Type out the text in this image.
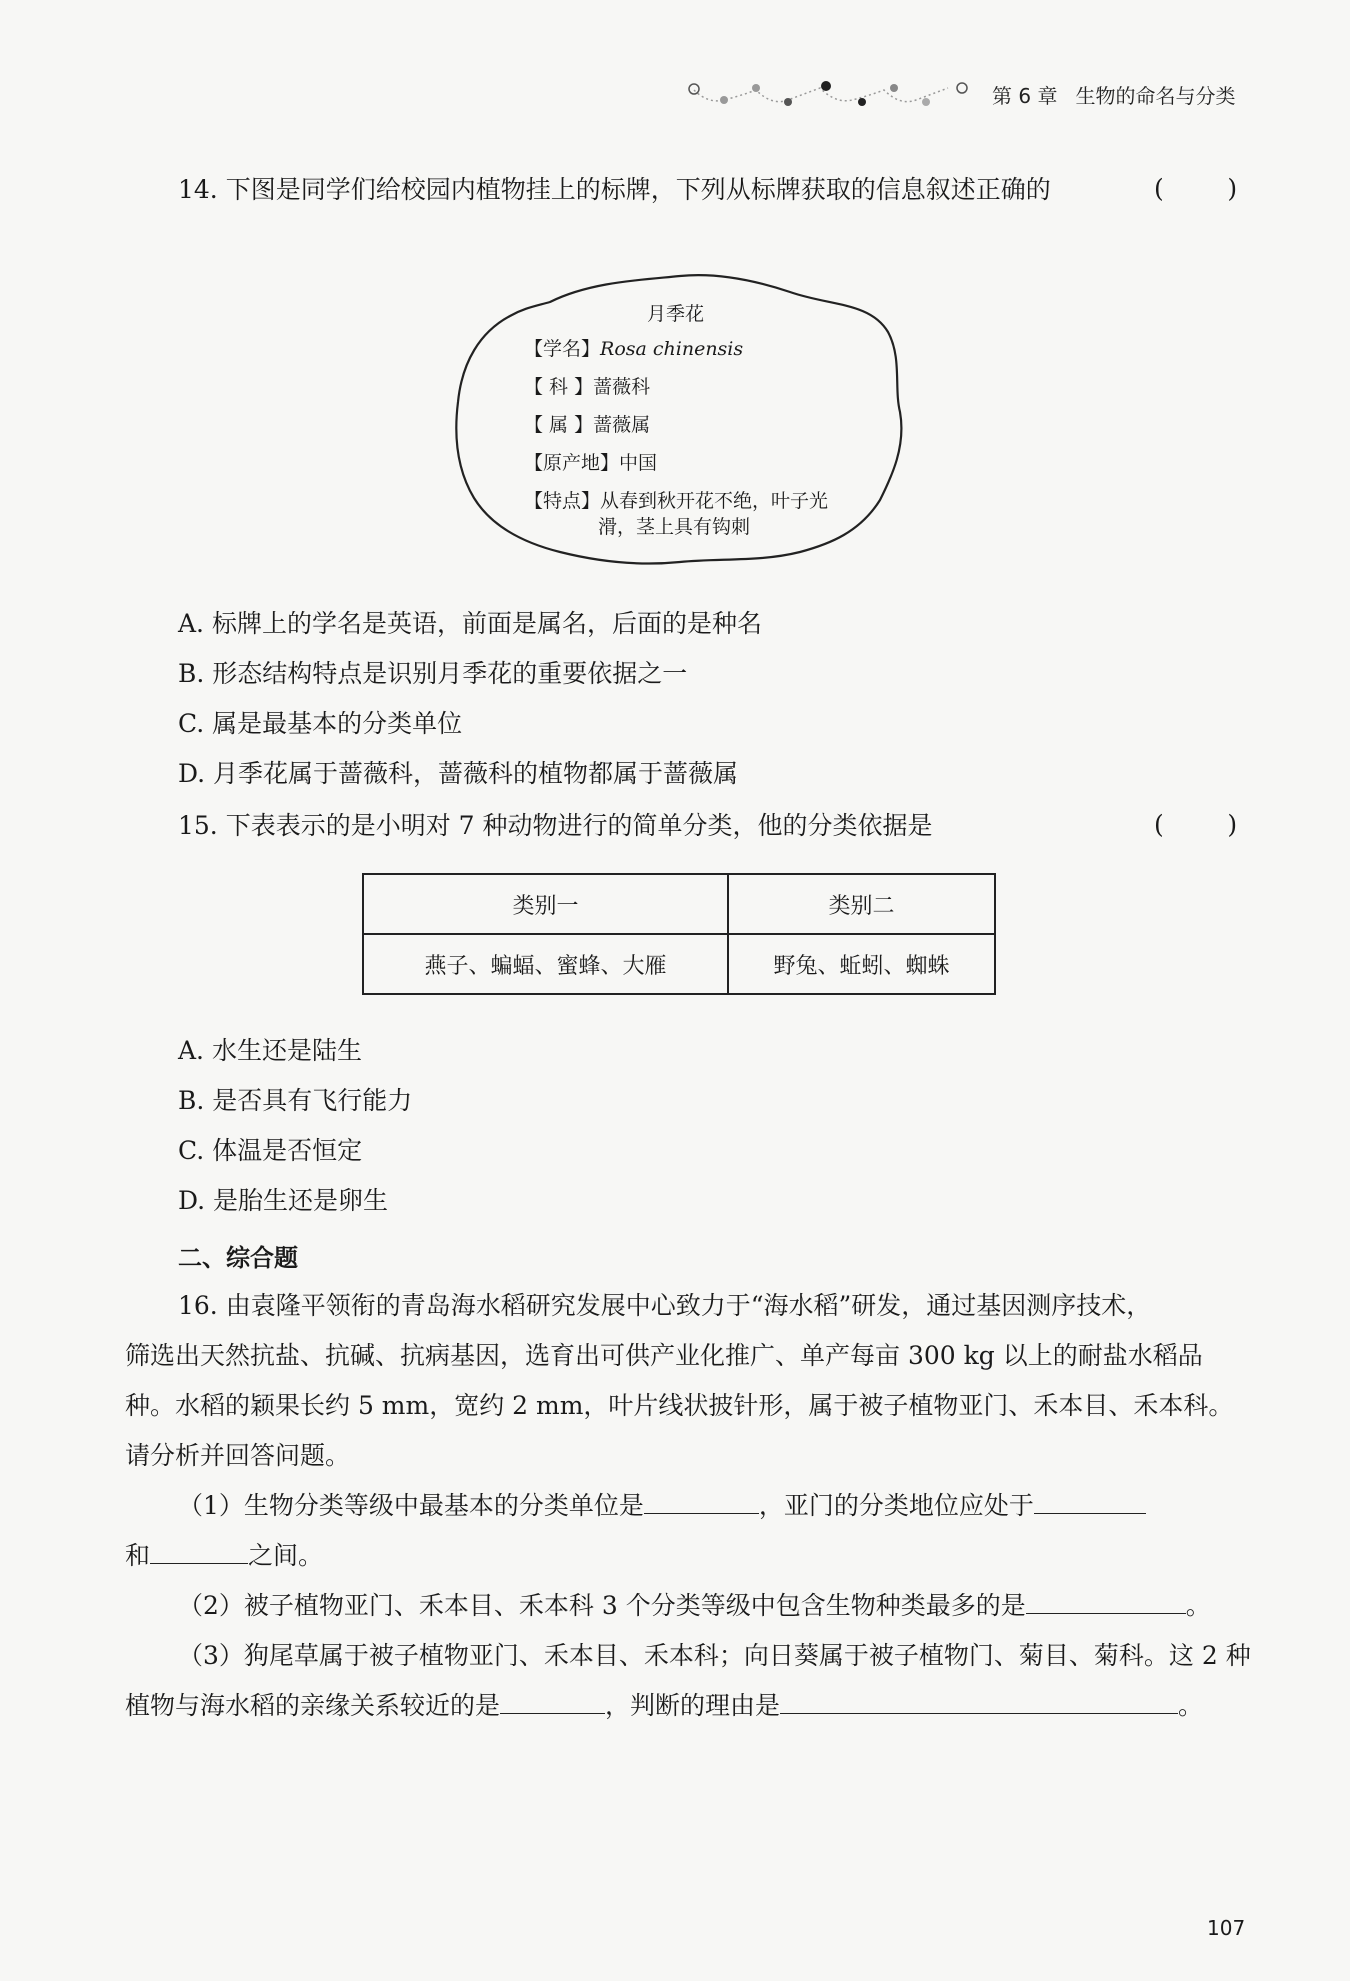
第 6 章 生物的命名与分类
14. 下图是同学们给校园内植物挂上的标牌，下列从标牌获取的信息叙述正确的	(        )
月季花
【学名】Rosa chinensis
【 科 】蔷薇科
【 属 】蔷薇属
【原产地】中国
【特点】从春到秋开花不绝，叶子光
滑，茎上具有钩刺
A. 标牌上的学名是英语，前面是属名，后面的是种名
B. 形态结构特点是识别月季花的重要依据之一
C. 属是最基本的分类单位
D. 月季花属于蔷薇科，蔷薇科的植物都属于蔷薇属
15. 下表表示的是小明对 7 种动物进行的简单分类，他的分类依据是	(        )
类别一	类别二
燕子、蝙蝠、蜜蜂、大雁	野兔、蚯蚓、蜘蛛
A. 水生还是陆生
B. 是否具有飞行能力
C. 体温是否恒定
D. 是胎生还是卵生
二、综合题
16. 由袁隆平领衔的青岛海水稻研究发展中心致力于“海水稻”研发，通过基因测序技术，
筛选出天然抗盐、抗碱、抗病基因，选育出可供产业化推广、单产每亩 300 kg 以上的耐盐水稻品
种。水稻的颖果长约 5 mm，宽约 2 mm，叶片线状披针形，属于被子植物亚门、禾本目、禾本科。
请分析并回答问题。
（1）生物分类等级中最基本的分类单位是	，亚门的分类地位应处于
和	之间。
（2）被子植物亚门、禾本目、禾本科 3 个分类等级中包含生物种类最多的是	。
（3）狗尾草属于被子植物亚门、禾本目、禾本科；向日葵属于被子植物门、菊目、菊科。这 2 种
植物与海水稻的亲缘关系较近的是	，判断的理由是	。
107
